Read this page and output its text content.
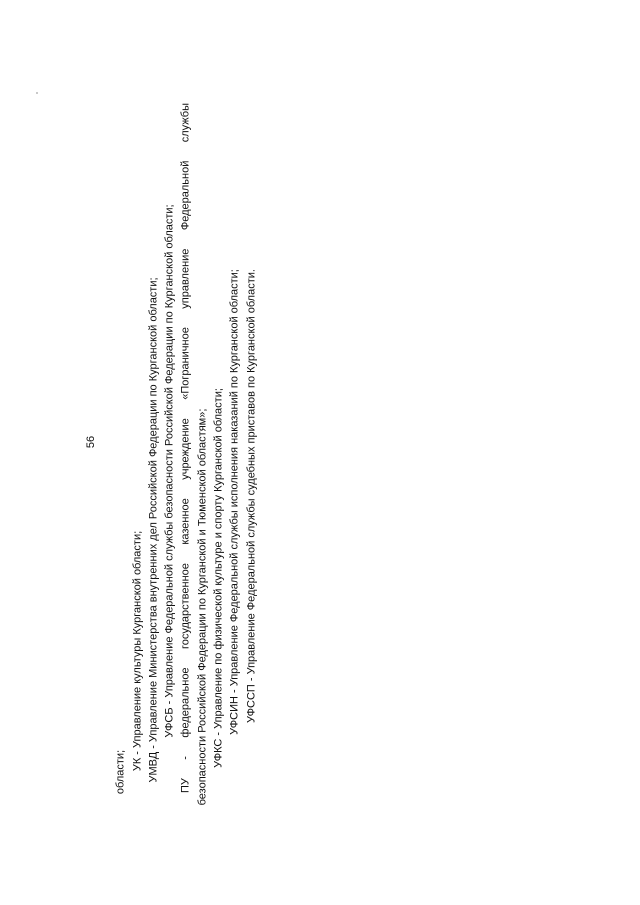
56
области;
УК - Управление культуры Курганской области; УМВД - Управление Министерства внутренних дел Российской Федерации по Курганской области; УФСБ - Управление Федеральной службы безопасности Российской Федерации по Курганской области; ПУ - федеральное государственное казенное учреждение «Пограничное управление Федеральной службы безопасности Российской Федерации по Курганской и Тюменской областям»; УФКС - Управление по физической культуре и спорту Курганской области; УФСИН - Управление Федеральной службы исполнения наказаний по Курганской области; УФССП - Управление Федеральной службы судебных приставов по Курганской области.
